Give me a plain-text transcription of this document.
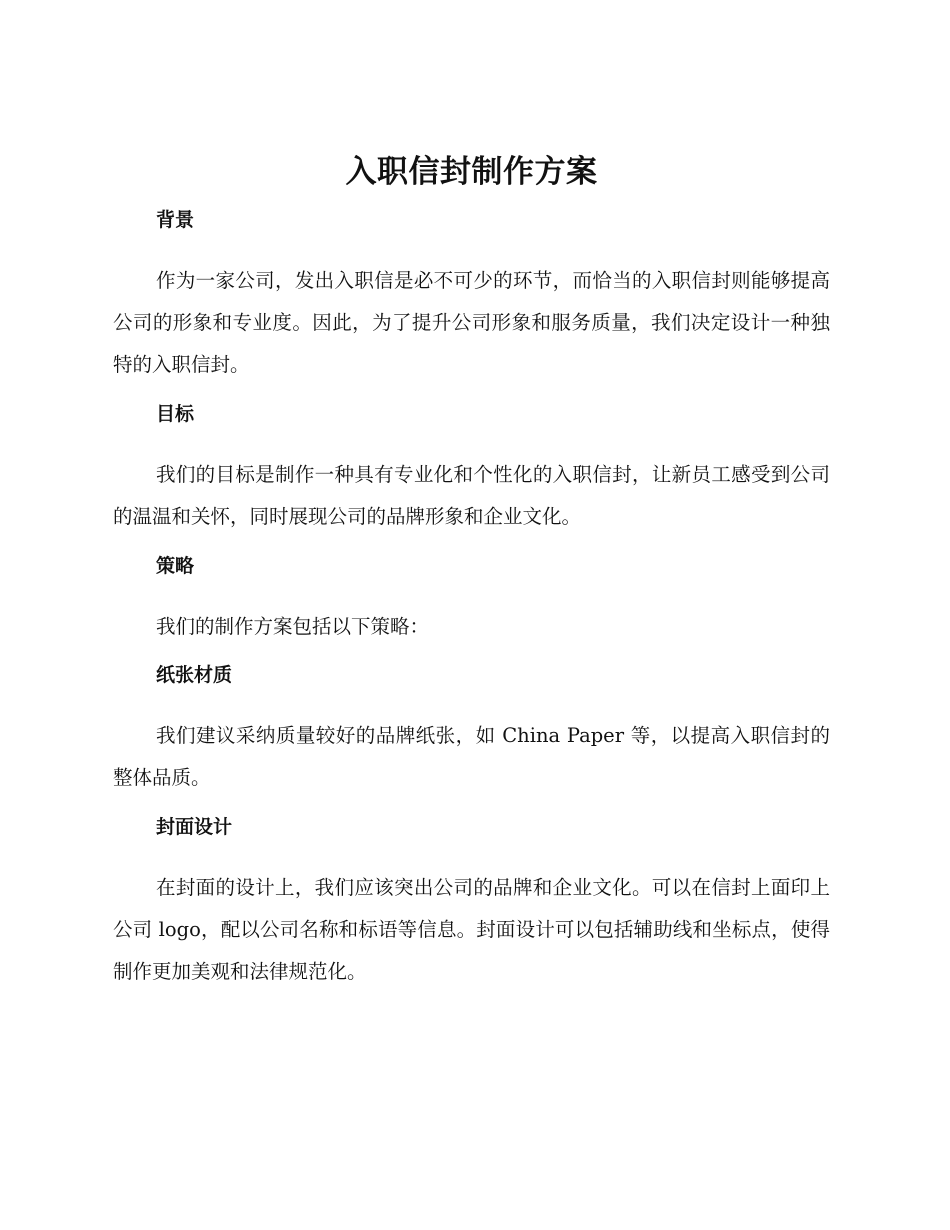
入职信封制作方案
背景

作为一家公司，发出入职信是必不可少的环节，而恰当的入职信封则能够提高公司的形象和专业度。因此，为了提升公司形象和服务质量，我们决定设计一种独特的入职信封。

目标

我们的目标是制作一种具有专业化和个性化的入职信封，让新员工感受到公司的温温和关怀，同时展现公司的品牌形象和企业文化。

策略

我们的制作方案包括以下策略：

纸张材质

我们建议采纳质量较好的品牌纸张，如 China Paper 等，以提高入职信封的整体品质。

封面设计

在封面的设计上，我们应该突出公司的品牌和企业文化。可以在信封上面印上公司 logo，配以公司名称和标语等信息。封面设计可以包括辅助线和坐标点，使得制作更加美观和法律规范化。
